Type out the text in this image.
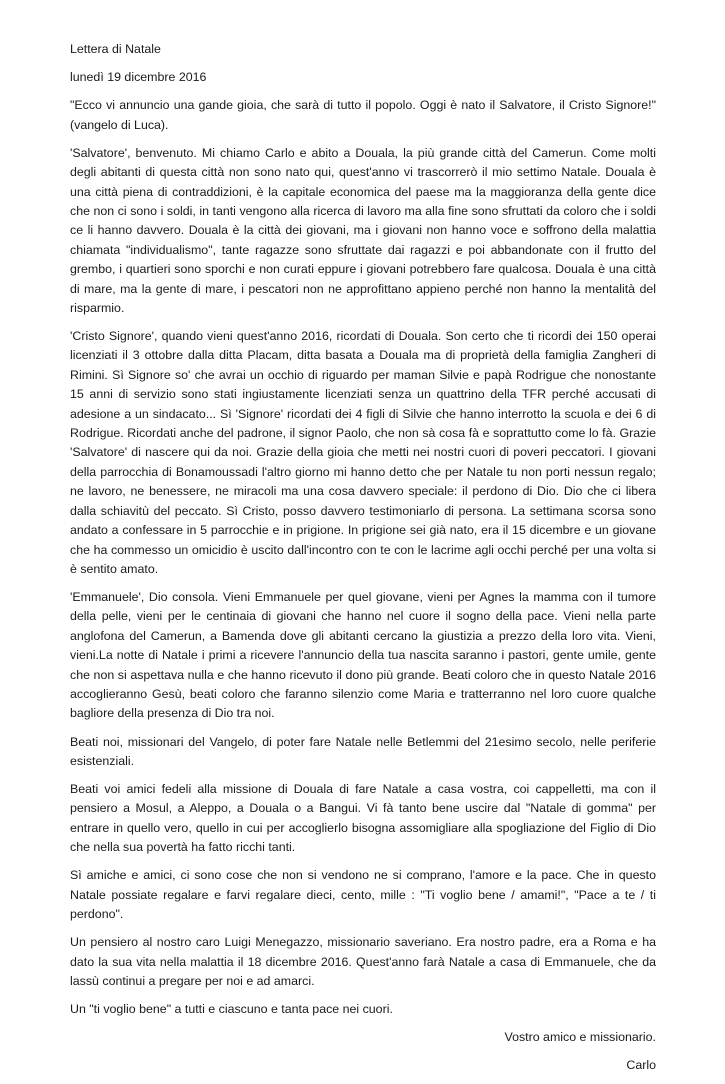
Lettera di Natale

lunedì 19 dicembre 2016

"Ecco vi annuncio una gande gioia, che sarà di tutto il popolo. Oggi è nato il Salvatore, il Cristo Signore!"(vangelo di Luca).

'Salvatore', benvenuto. Mi chiamo Carlo e abito a Douala, la più grande città del Camerun. Come molti degli abitanti di questa città non sono nato qui, quest'anno vi trascorrerò il mio settimo Natale. Douala è una città piena di contraddizioni, è la capitale economica del paese ma la maggioranza della gente dice che non ci sono i soldi, in tanti vengono alla ricerca di lavoro ma alla fine sono sfruttati da coloro che i soldi ce li hanno davvero. Douala è la città dei giovani, ma i giovani non hanno voce e soffrono della malattia chiamata "individualismo", tante ragazze sono sfruttate dai ragazzi e poi abbandonate con il frutto del grembo, i quartieri sono sporchi e non curati eppure i giovani potrebbero fare qualcosa. Douala è una città di mare, ma la gente di mare, i pescatori non ne approfittano appieno perché non hanno la mentalità del risparmio.

'Cristo Signore', quando vieni quest'anno 2016, ricordati di Douala. Son certo che ti ricordi dei 150 operai licenziati il 3 ottobre dalla ditta Placam, ditta basata a Douala ma di proprietà della famiglia Zangheri di Rimini. Sì Signore so' che avrai un occhio di riguardo per maman Silvie e papà Rodrigue che nonostante 15 anni di servizio sono stati ingiustamente licenziati senza un quattrino della TFR perché accusati di adesione a un sindacato... Sì 'Signore' ricordati dei 4 figli di Silvie che hanno interrotto la scuola e dei 6 di Rodrigue. Ricordati anche del padrone, il signor Paolo, che non sà cosa fà e soprattutto come lo fà. Grazie 'Salvatore' di nascere qui da noi. Grazie della gioia che metti nei nostri cuori di poveri peccatori. I giovani della parrocchia di Bonamoussadi l'altro giorno mi hanno detto che per Natale tu non porti nessun regalo; ne lavoro, ne benessere, ne miracoli ma una cosa davvero speciale: il perdono di Dio. Dio che ci libera dalla schiavitù del peccato. Sì Cristo, posso davvero testimoniarlo di persona. La settimana scorsa sono andato a confessare in 5 parrocchie e in prigione. In prigione sei già nato, era il 15 dicembre e un giovane che ha commesso un omicidio è uscito dall'incontro con te con le lacrime agli occhi perché per una volta si è sentito amato.

'Emmanuele', Dio consola. Vieni Emmanuele per quel giovane, vieni per Agnes la mamma con il tumore della pelle, vieni per le centinaia di giovani che hanno nel cuore il sogno della pace. Vieni nella parte anglofona del Camerun, a Bamenda dove gli abitanti cercano la giustizia a prezzo della loro vita. Vieni, vieni.La notte di Natale i primi a ricevere l'annuncio della tua nascita saranno i pastori, gente umile, gente che non si aspettava nulla e che hanno ricevuto il dono più grande. Beati coloro che in questo Natale 2016 accoglieranno Gesù, beati coloro che faranno silenzio come Maria e tratterranno nel loro cuore qualche bagliore della presenza di Dio tra noi.

Beati noi, missionari del Vangelo, di poter fare Natale nelle Betlemmi del 21esimo secolo, nelle periferie esistenziali.

Beati voi amici fedeli alla missione di Douala di fare Natale a casa vostra, coi cappelletti, ma con il pensiero a Mosul, a Aleppo, a Douala o a Bangui. Vi fà tanto bene uscire dal "Natale di gomma" per entrare in quello vero, quello in cui per accoglierlo bisogna assomigliare alla spogliazione del Figlio di Dio che nella sua povertà ha fatto ricchi tanti.

Sì amiche e amici, ci sono cose che non si vendono ne si comprano, l'amore e la pace. Che in questo Natale possiate regalare e farvi regalare dieci, cento, mille : "Ti voglio bene / amami!", "Pace a te / ti perdono".

Un pensiero al nostro caro Luigi Menegazzo, missionario saveriano. Era nostro padre, era a Roma e ha dato la sua vita nella malattia il 18 dicembre 2016. Quest'anno farà Natale a casa di Emmanuele, che da lassù continui a pregare per noi e ad amarci.

Un "ti voglio bene" a tutti e ciascuno e tanta pace nei cuori.

Vostro amico e missionario.

Carlo
